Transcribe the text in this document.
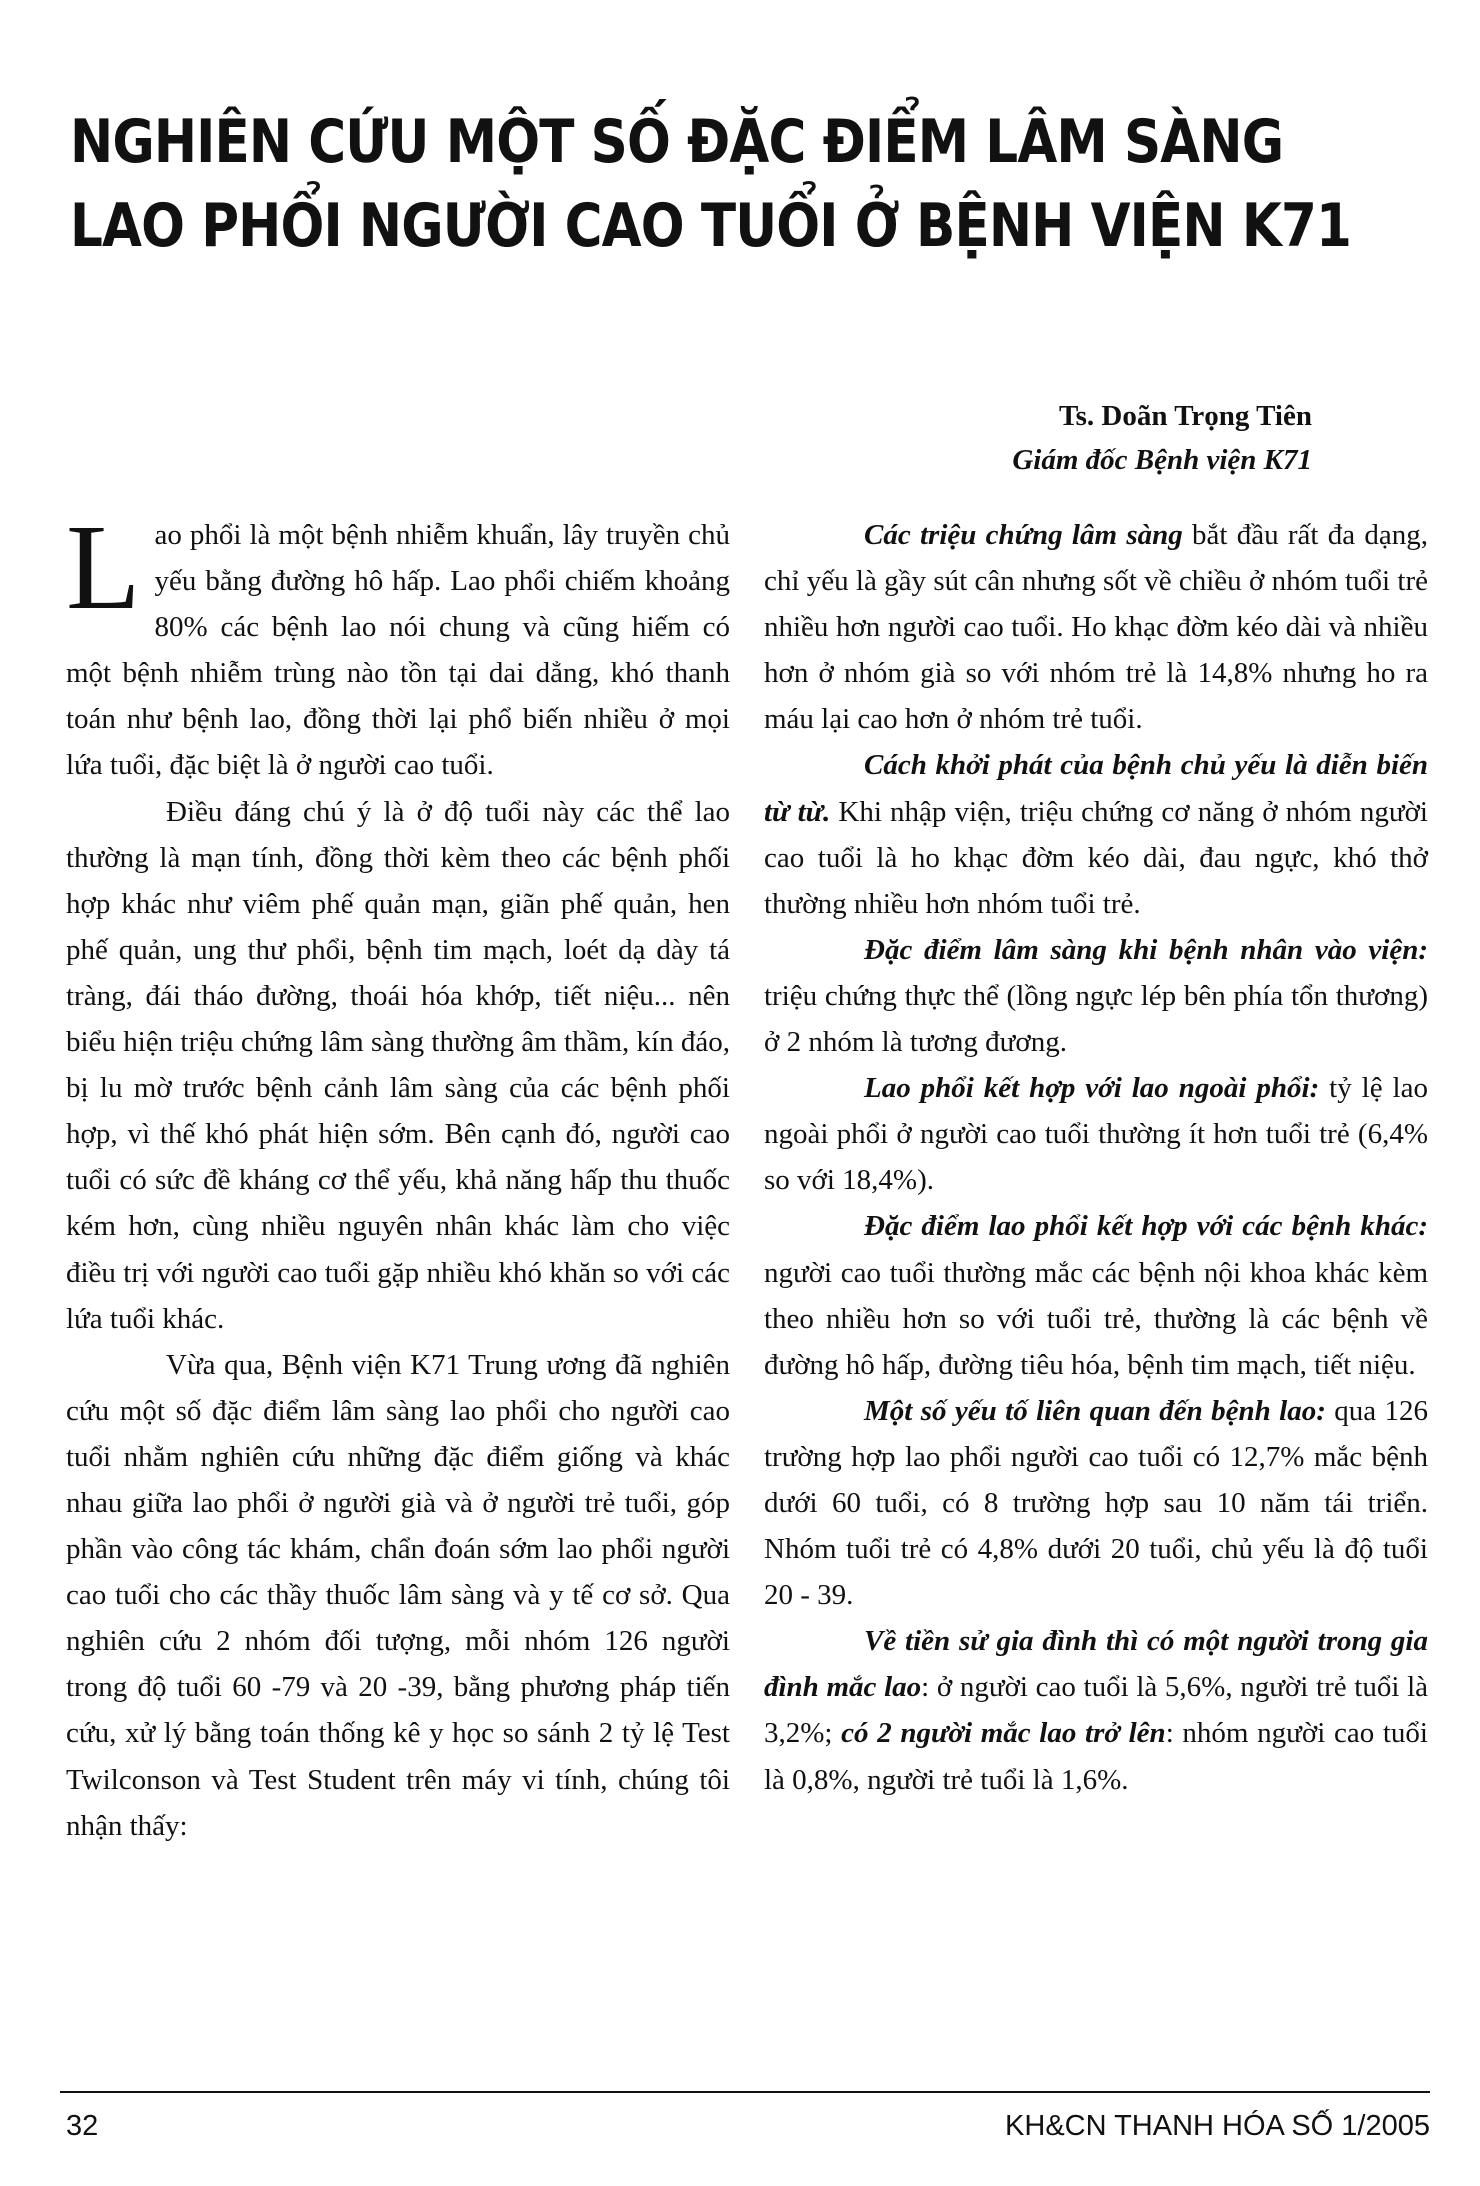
NGHIÊN CỨU MỘT SỐ ĐẶC ĐIỂM LÂM SÀNG
LAO PHỔI NGƯỜI CAO TUỔI Ở BỆNH VIỆN K71
Ts. Doãn Trọng Tiên
Giám đốc Bệnh viện K71

Lao phổi là một bệnh nhiễm khuẩn, lây truyền chủ yếu bằng đường hô hấp. Lao phổi chiếm khoảng 80% các bệnh lao nói chung và cũng hiếm có một bệnh nhiễm trùng nào tồn tại dai dẳng, khó thanh toán như bệnh lao, đồng thời lại phổ biến nhiều ở mọi lứa tuổi, đặc biệt là ở người cao tuổi.

Điều đáng chú ý là ở độ tuổi này các thể lao thường là mạn tính, đồng thời kèm theo các bệnh phối hợp khác như viêm phế quản mạn, giãn phế quản, hen phế quản, ung thư phổi, bệnh tim mạch, loét dạ dày tá tràng, đái tháo đường, thoái hóa khớp, tiết niệu... nên biểu hiện triệu chứng lâm sàng thường âm thầm, kín đáo, bị lu mờ trước bệnh cảnh lâm sàng của các bệnh phối hợp, vì thế khó phát hiện sớm. Bên cạnh đó, người cao tuổi có sức đề kháng cơ thể yếu, khả năng hấp thu thuốc kém hơn, cùng nhiều nguyên nhân khác làm cho việc điều trị với người cao tuổi gặp nhiều khó khăn so với các lứa tuổi khác.

Vừa qua, Bệnh viện K71 Trung ương đã nghiên cứu một số đặc điểm lâm sàng lao phổi cho người cao tuổi nhằm nghiên cứu những đặc điểm giống và khác nhau giữa lao phổi ở người già và ở người trẻ tuổi, góp phần vào công tác khám, chẩn đoán sớm lao phổi người cao tuổi cho các thầy thuốc lâm sàng và y tế cơ sở. Qua nghiên cứu 2 nhóm đối tượng, mỗi nhóm 126 người trong độ tuổi 60 -79 và 20 -39, bằng phương pháp tiến cứu, xử lý bằng toán thống kê y học so sánh 2 tỷ lệ Test Twilconson và Test Student trên máy vi tính, chúng tôi nhận thấy:

Các triệu chứng lâm sàng bắt đầu rất đa dạng, chỉ yếu là gầy sút cân nhưng sốt về chiều ở nhóm tuổi trẻ nhiều hơn người cao tuổi. Ho khạc đờm kéo dài và nhiều hơn ở nhóm già so với nhóm trẻ là 14,8% nhưng ho ra máu lại cao hơn ở nhóm trẻ tuổi.

Cách khởi phát của bệnh chủ yếu là diễn biến từ từ. Khi nhập viện, triệu chứng cơ năng ở nhóm người cao tuổi là ho khạc đờm kéo dài, đau ngực, khó thở thường nhiều hơn nhóm tuổi trẻ.

Đặc điểm lâm sàng khi bệnh nhân vào viện: triệu chứng thực thể (lồng ngực lép bên phía tổn thương) ở 2 nhóm là tương đương.

Lao phổi kết hợp với lao ngoài phổi: tỷ lệ lao ngoài phổi ở người cao tuổi thường ít hơn tuổi trẻ (6,4% so với 18,4%).

Đặc điểm lao phổi kết hợp với các bệnh khác: người cao tuổi thường mắc các bệnh nội khoa khác kèm theo nhiều hơn so với tuổi trẻ, thường là các bệnh về đường hô hấp, đường tiêu hóa, bệnh tim mạch, tiết niệu.

Một số yếu tố liên quan đến bệnh lao: qua 126 trường hợp lao phổi người cao tuổi có 12,7% mắc bệnh dưới 60 tuổi, có 8 trường hợp sau 10 năm tái triển. Nhóm tuổi trẻ có 4,8% dưới 20 tuổi, chủ yếu là độ tuổi 20 - 39.

Về tiền sử gia đình thì có một người trong gia đình mắc lao: ở người cao tuổi là 5,6%, người trẻ tuổi là 3,2%; có 2 người mắc lao trở lên: nhóm người cao tuổi là 0,8%, người trẻ tuổi là 1,6%.

32	KH&CN THANH HÓA SỐ 1/2005
